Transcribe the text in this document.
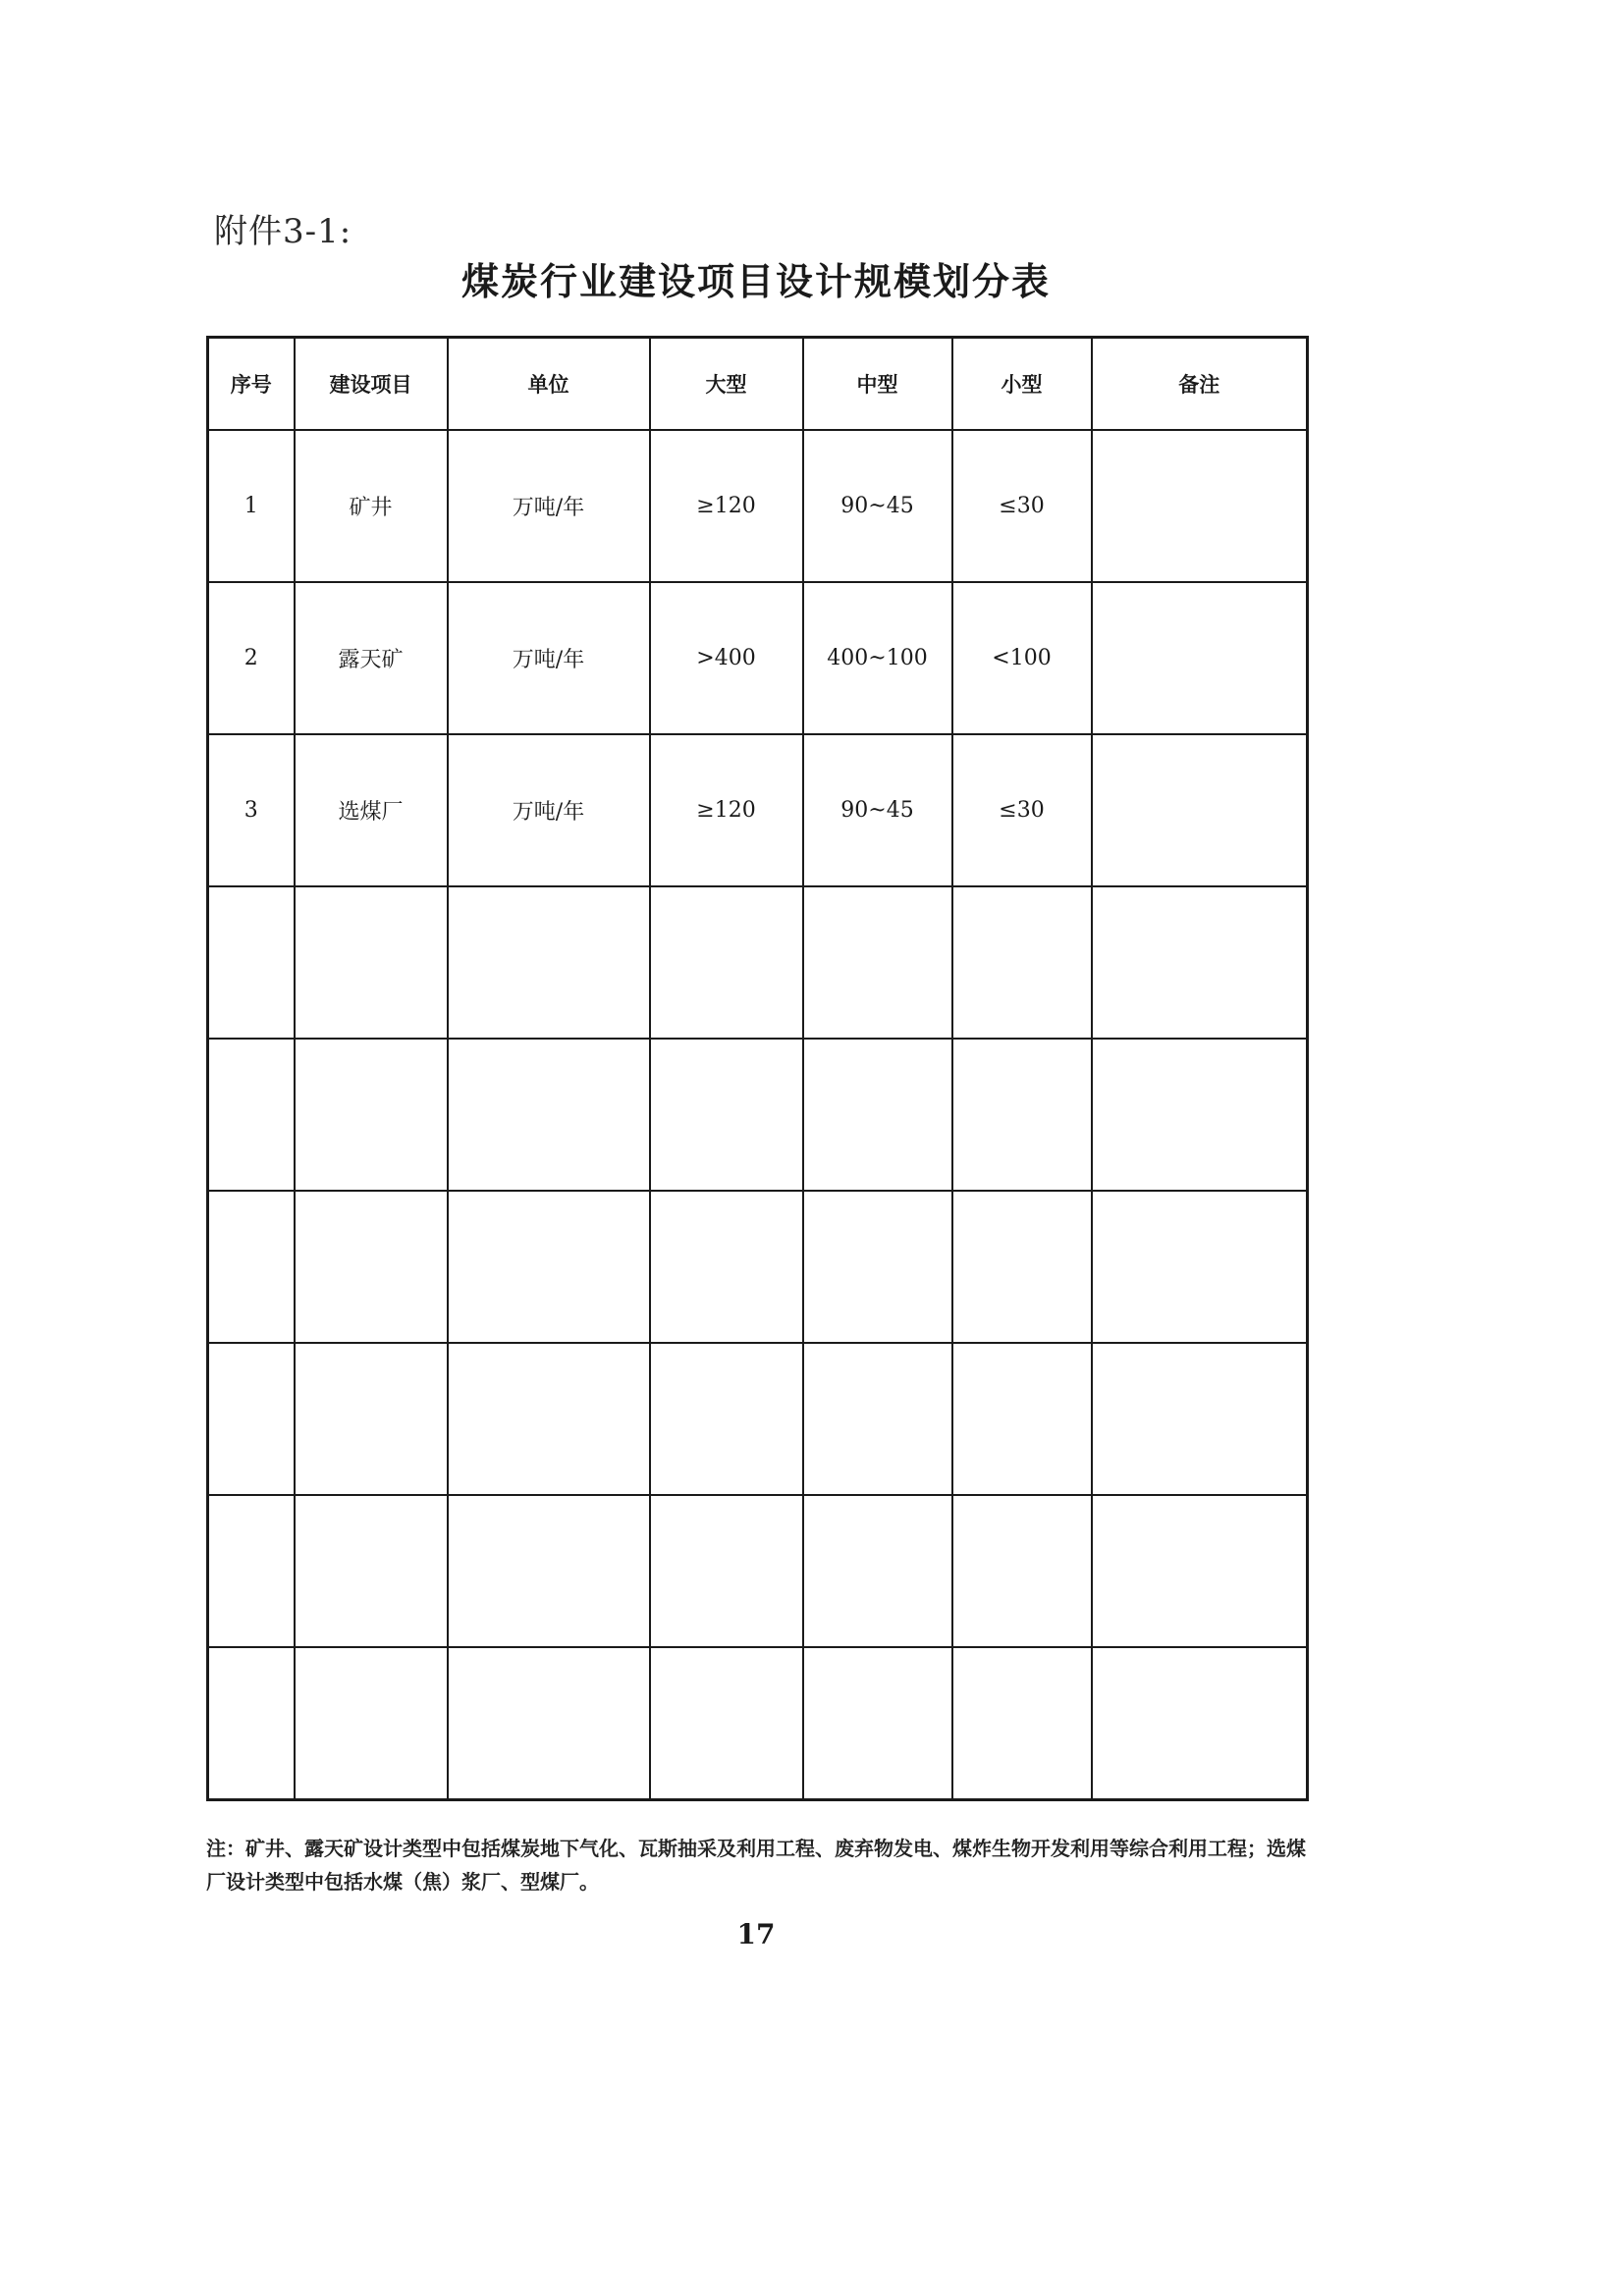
附件3-1:
煤炭行业建设项目设计规模划分表
序号	建设项目	单位	大型	中型	小型	备注
1	矿井	万吨/年	≥120	90~45	≤30	
2	露天矿	万吨/年	>400	400~100	<100	
3	选煤厂	万吨/年	≥120	90~45	≤30	

注：矿井、露天矿设计类型中包括煤炭地下气化、瓦斯抽采及利用工程、废弃物发电、煤炸生物开发利用等综合利用工程；选煤厂设计类型中包括水煤（焦）浆厂、型煤厂。
17
